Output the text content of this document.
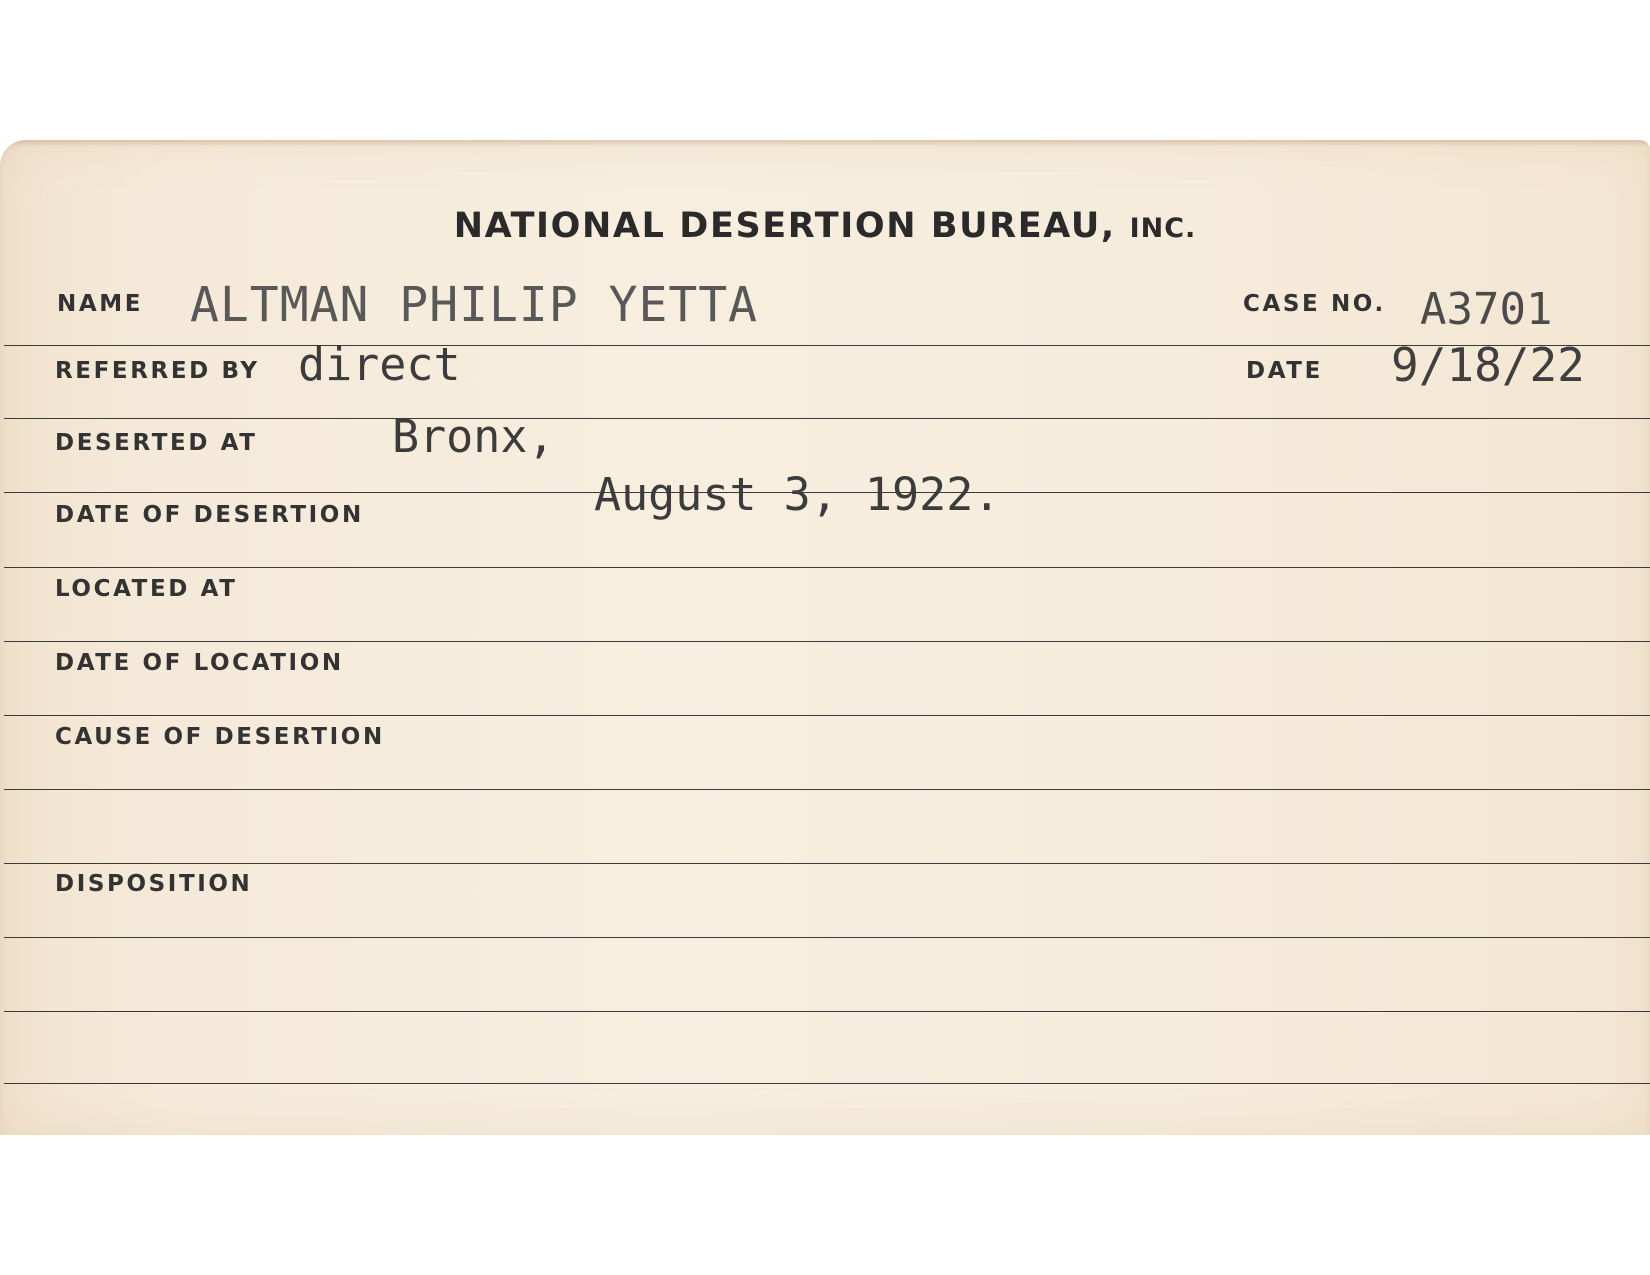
NATIONAL DESERTION BUREAU, INC.
NAME ALTMAN PHILIP YETTA	CASE NO. A3701
REFERRED BY direct	DATE 9/18/22
DESERTED AT	Bronx,
DATE OF DESERTION	August 3, 1922.
LOCATED AT
DATE OF LOCATION
CAUSE OF DESERTION
DISPOSITION
